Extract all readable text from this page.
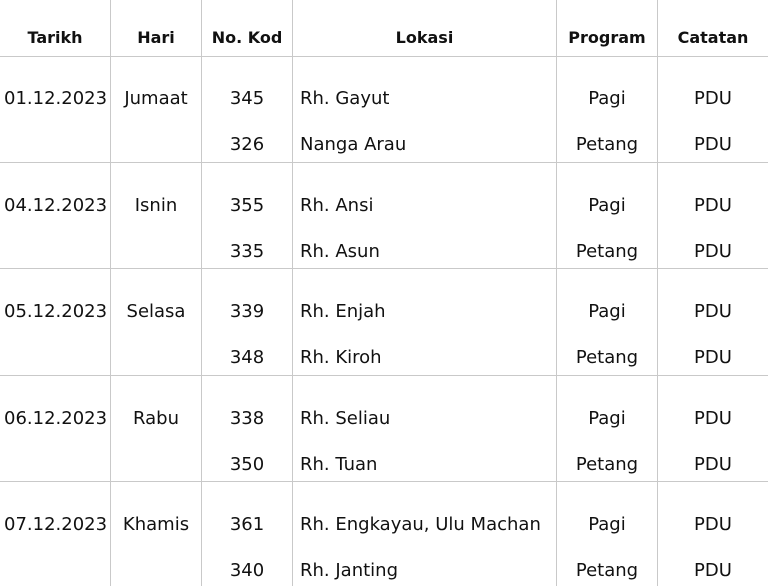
Tarikh	Hari	No. Kod	Lokasi	Program	Catatan
01.12.2023 Jumaat	345	Rh. Gayut	Pagi	PDU
326	Nanga Arau	Petang	PDU
04.12.2023	Isnin	355	Rh. Ansi	Pagi	PDU
335	Rh. Asun	Petang	PDU
05.12.2023	Selasa	339	Rh. Enjah	Pagi	PDU
348	Rh. Kiroh	Petang	PDU
06.12.2023	Rabu	338	Rh. Seliau	Pagi	PDU
350	Rh. Tuan	Petang	PDU
07.12.2023 Khamis	361	Rh. Engkayau, Ulu Machan	Pagi	PDU
340	Rh. Janting	Petang	PDU
